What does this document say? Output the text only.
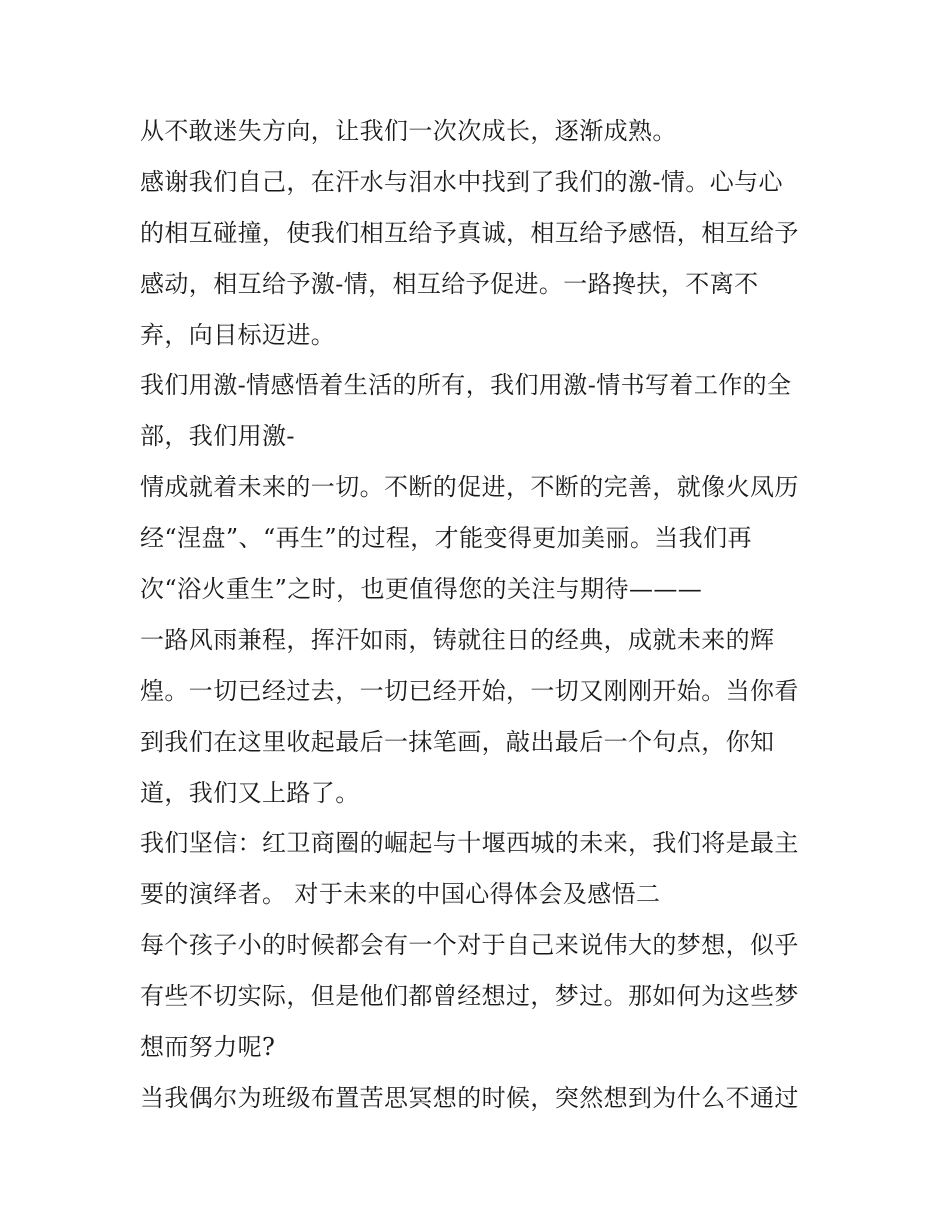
从不敢迷失方向，让我们一次次成长，逐渐成熟。
感谢我们自己，在汗水与泪水中找到了我们的激-情。心与心
的相互碰撞，使我们相互给予真诚，相互给予感悟，相互给予
感动，相互给予激-情，相互给予促进。一路搀扶，不离不
弃，向目标迈进。
我们用激-情感悟着生活的所有，我们用激-情书写着工作的全
部，我们用激-
情成就着未来的一切。不断的促进，不断的完善，就像火凤历
经“涅盘”、“再生”的过程，才能变得更加美丽。当我们再
次“浴火重生”之时，也更值得您的关注与期待———
一路风雨兼程，挥汗如雨，铸就往日的经典，成就未来的辉
煌。一切已经过去，一切已经开始，一切又刚刚开始。当你看
到我们在这里收起最后一抹笔画，敲出最后一个句点，你知
道，我们又上路了。
我们坚信：红卫商圈的崛起与十堰西城的未来，我们将是最主
要的演绎者。 对于未来的中国心得体会及感悟二
每个孩子小的时候都会有一个对于自己来说伟大的梦想，似乎
有些不切实际，但是他们都曾经想过，梦过。那如何为这些梦
想而努力呢?
当我偶尔为班级布置苦思冥想的时候，突然想到为什么不通过
